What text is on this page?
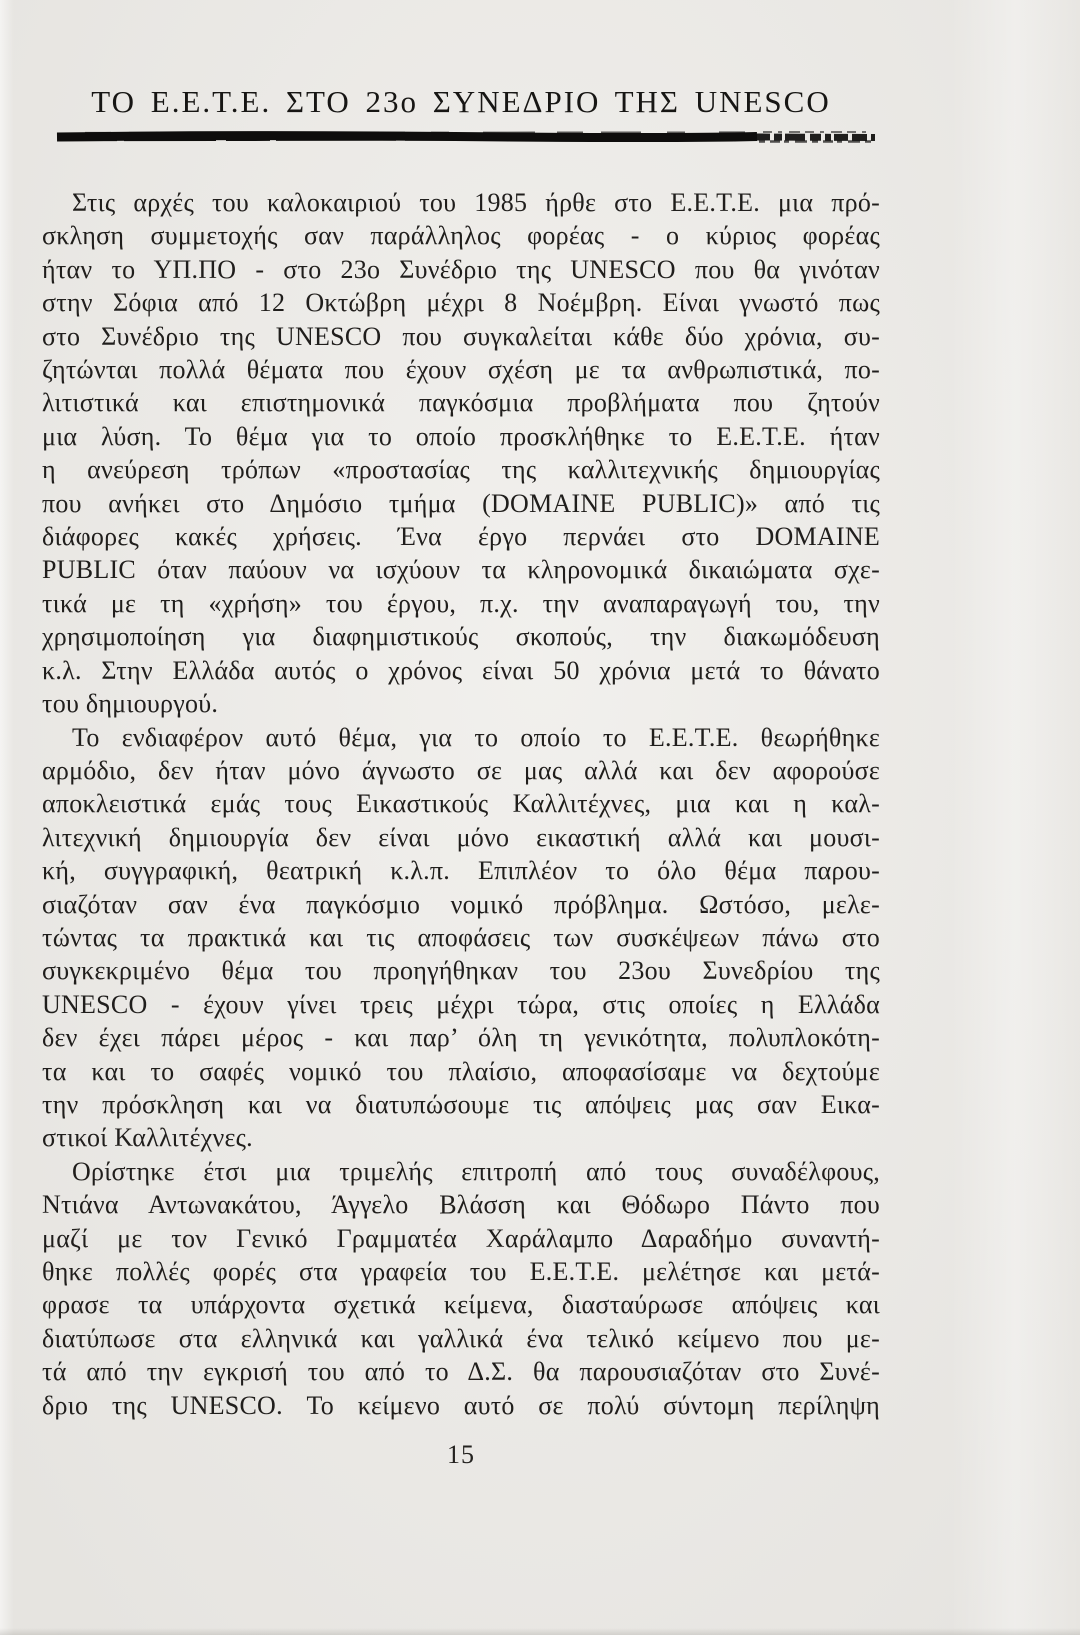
ΤΟ Ε.Ε.Τ.Ε. ΣΤΟ 23ο ΣΥΝΕΔΡΙΟ ΤΗΣ UNESCO
Στις αρχές του καλοκαιριού του 1985 ήρθε στο Ε.Ε.Τ.Ε. μια πρό-
σκληση συμμετοχής σαν παράλληλος φορέας - ο κύριος φορέας
ήταν το ΥΠ.ΠΟ - στο 23ο Συνέδριο της UNESCO που θα γινόταν
στην Σόφια από 12 Οκτώβρη μέχρι 8 Νοέμβρη. Είναι γνωστό πως
στο Συνέδριο της UNESCO που συγκαλείται κάθε δύο χρόνια, συ-
ζητώνται πολλά θέματα που έχουν σχέση με τα ανθρωπιστικά, πο-
λιτιστικά και επιστημονικά παγκόσμια προβλήματα που ζητούν
μια λύση. Το θέμα για το οποίο προσκλήθηκε το Ε.Ε.Τ.Ε. ήταν
η ανεύρεση τρόπων «προστασίας της καλλιτεχνικής δημιουργίας
που ανήκει στο Δημόσιο τμήμα (DOMAINE PUBLIC)» από τις
διάφορες κακές χρήσεις. Ένα έργο περνάει στο DOMAINE
PUBLIC όταν παύουν να ισχύουν τα κληρονομικά δικαιώματα σχε-
τικά με τη «χρήση» του έργου, π.χ. την αναπαραγωγή του, την
χρησιμοποίηση για διαφημιστικούς σκοπούς, την διακωμόδευση
κ.λ. Στην Ελλάδα αυτός ο χρόνος είναι 50 χρόνια μετά το θάνατο
του δημιουργού.
Το ενδιαφέρον αυτό θέμα, για το οποίο το Ε.Ε.Τ.Ε. θεωρήθηκε
αρμόδιο, δεν ήταν μόνο άγνωστο σε μας αλλά και δεν αφορούσε
αποκλειστικά εμάς τους Εικαστικούς Καλλιτέχνες, μια και η καλ-
λιτεχνική δημιουργία δεν είναι μόνο εικαστική αλλά και μουσι-
κή, συγγραφική, θεατρική κ.λ.π. Επιπλέον το όλο θέμα παρου-
σιαζόταν σαν ένα παγκόσμιο νομικό πρόβλημα. Ωστόσο, μελε-
τώντας τα πρακτικά και τις αποφάσεις των συσκέψεων πάνω στο
συγκεκριμένο θέμα του προηγήθηκαν του 23ου Συνεδρίου της
UNESCO - έχουν γίνει τρεις μέχρι τώρα, στις οποίες η Ελλάδα
δεν έχει πάρει μέρος - και παρ’ όλη τη γενικότητα, πολυπλοκότη-
τα και το σαφές νομικό του πλαίσιο, αποφασίσαμε να δεχτούμε
την πρόσκληση και να διατυπώσουμε τις απόψεις μας σαν Εικα-
στικοί Καλλιτέχνες.
Ορίστηκε έτσι μια τριμελής επιτροπή από τους συναδέλφους,
Ντιάνα Αντωνακάτου, Άγγελο Βλάσση και Θόδωρο Πάντο που
μαζί με τον Γενικό Γραμματέα Χαράλαμπο Δαραδήμο συναντή-
θηκε πολλές φορές στα γραφεία του Ε.Ε.Τ.Ε. μελέτησε και μετά-
φρασε τα υπάρχοντα σχετικά κείμενα, διασταύρωσε απόψεις και
διατύπωσε στα ελληνικά και γαλλικά ένα τελικό κείμενο που με-
τά από την εγκρισή του από το Δ.Σ. θα παρουσιαζόταν στο Συνέ-
δριο της UNESCO. Το κείμενο αυτό σε πολύ σύντομη περίληψη
15
